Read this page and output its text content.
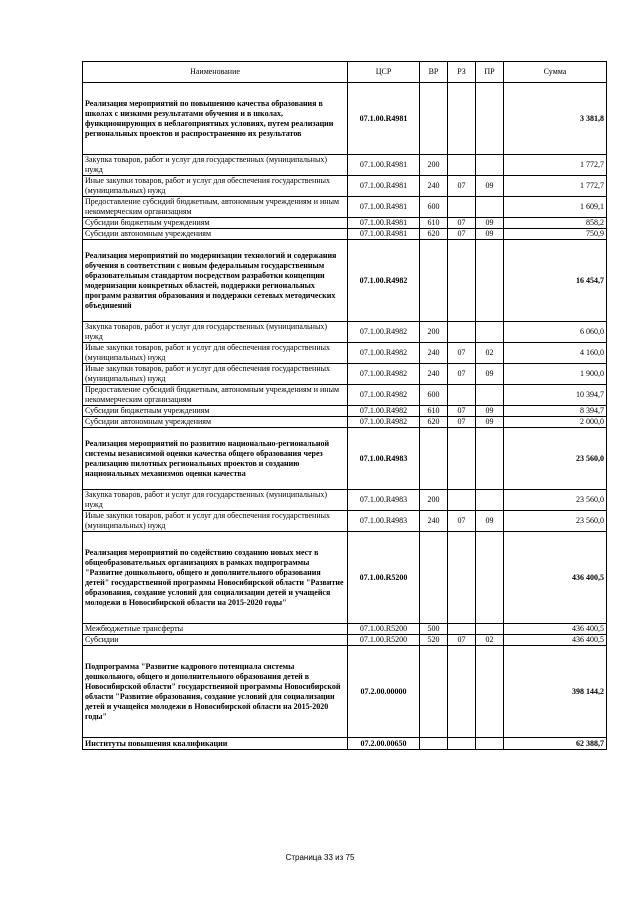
Наименование	ЦСР	ВР	РЗ	ПР	Сумма
Реализация мероприятий по повышению качества образования в школах с низкими результатами обучения и в школах, функционирующих в неблагоприятных условиях, путем реализации региональных проектов и распространению их результатов	07.1.00.R4981				3 381,8
Закупка товаров, работ и услуг для государственных (муниципальных) нужд	07.1.00.R4981	200			1 772,7
Иные закупки товаров, работ и услуг для обеспечения государственных (муниципальных) нужд	07.1.00.R4981	240	07	09	1 772,7
Предоставление субсидий бюджетным, автономным учреждениям и иным некоммерческим организациям	07.1.00.R4981	600			1 609,1
Субсидии бюджетным учреждениям	07.1.00.R4981	610	07	09	858,2
Субсидии автономным учреждениям	07.1.00.R4981	620	07	09	750,9
Реализация мероприятий по модернизации технологий и содержания обучения в соответствии с новым федеральным государственным образовательным стандартом посредством разработки концепции модернизации конкретных областей, поддержки региональных программ развития образования и поддержки сетевых методических объединений	07.1.00.R4982				16 454,7
Закупка товаров, работ и услуг для государственных (муниципальных) нужд	07.1.00.R4982	200			6 060,0
Иные закупки товаров, работ и услуг для обеспечения государственных (муниципальных) нужд	07.1.00.R4982	240	07	02	4 160,0
Иные закупки товаров, работ и услуг для обеспечения государственных (муниципальных) нужд	07.1.00.R4982	240	07	09	1 900,0
Предоставление субсидий бюджетным, автономным учреждениям и иным некоммерческим организациям	07.1.00.R4982	600			10 394,7
Субсидии бюджетным учреждениям	07.1.00.R4982	610	07	09	8 394,7
Субсидии автономным учреждениям	07.1.00.R4982	620	07	09	2 000,0
Реализация мероприятий по развитию национально-региональной системы независимой оценки качества общего образования через реализацию пилотных региональных проектов и созданию национальных механизмов оценки качества	07.1.00.R4983				23 560,0
Закупка товаров, работ и услуг для государственных (муниципальных) нужд	07.1.00.R4983	200			23 560,0
Иные закупки товаров, работ и услуг для обеспечения государственных (муниципальных) нужд	07.1.00.R4983	240	07	09	23 560,0
Реализация мероприятий по содействию созданию новых мест в общеобразовательных организациях в рамках подпрограммы "Развитие дошкольного, общего и дополнительного образования детей" государственной программы Новосибирской области "Развитие образования, создание условий для социализации детей и учащейся молодежи в Новосибирской области на 2015-2020 годы"	07.1.00.R5200				436 400,5
Межбюджетные трансферты	07.1.00.R5200	500			436 400,5
Субсидии	07.1.00.R5200	520	07	02	436 400,5
Подпрограмма "Развитие кадрового потенциала системы дошкольного, общего и дополнительного образования детей в Новосибирской области" государственной программы Новосибирской области "Развитие образования, создание условий для социализации детей и учащейся молодежи в Новосибирской области на 2015-2020 годы"	07.2.00.00000				398 144,2
Институты повышения квалификации	07.2.00.00650				62 388,7
Страница 33 из 75
